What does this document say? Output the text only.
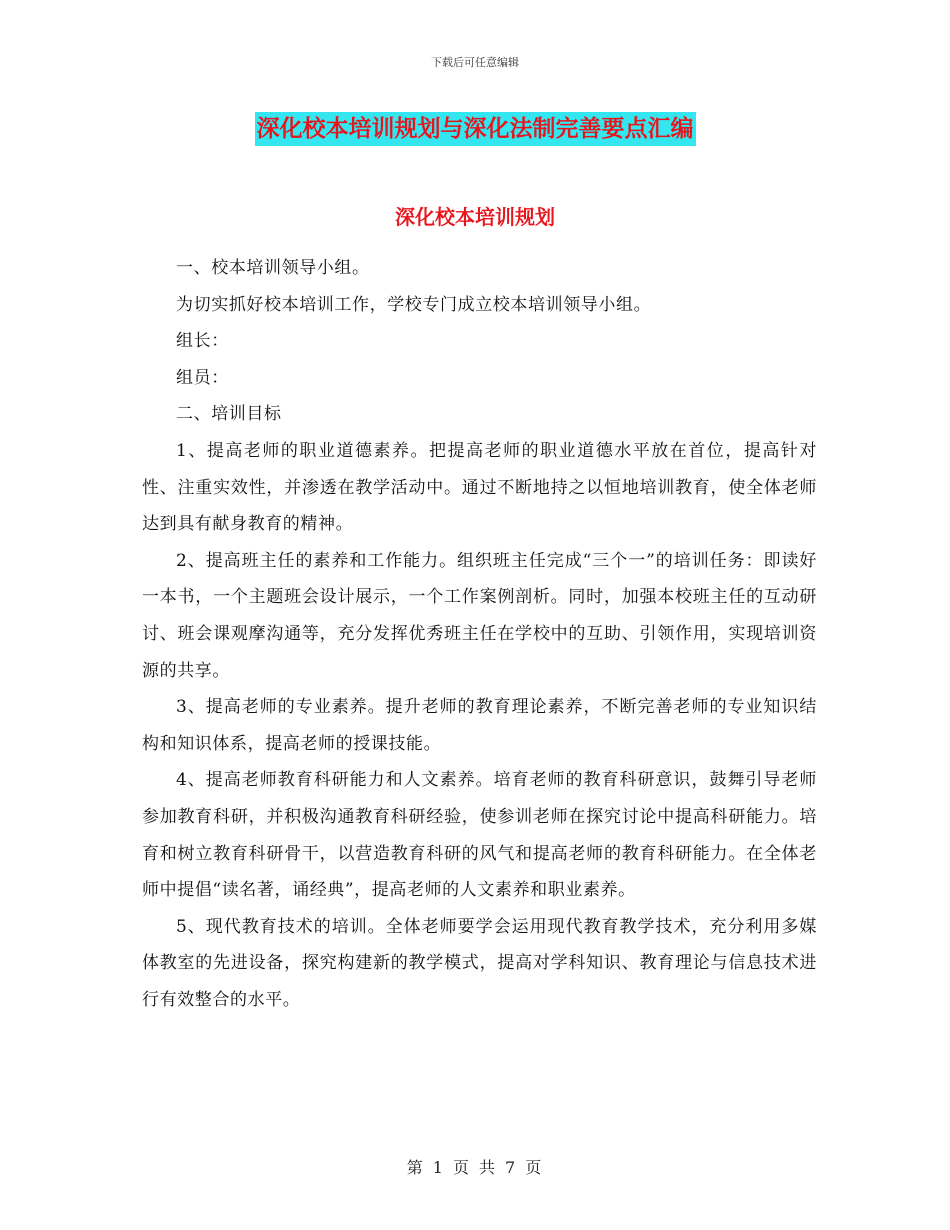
下载后可任意编辑
深化校本培训规划与深化法制完善要点汇编
深化校本培训规划

一、校本培训领导小组。

为切实抓好校本培训工作，学校专门成立校本培训领导小组。

组长：

组员：

二、培训目标

1、提高老师的职业道德素养。把提高老师的职业道德水平放在首位，提高针对性、注重实效性，并渗透在教学活动中。通过不断地持之以恒地培训教育，使全体老师达到具有献身教育的精神。

2、提高班主任的素养和工作能力。组织班主任完成“三个一”的培训任务：即读好一本书，一个主题班会设计展示，一个工作案例剖析。同时，加强本校班主任的互动研讨、班会课观摩沟通等，充分发挥优秀班主任在学校中的互助、引领作用，实现培训资源的共享。

3、提高老师的专业素养。提升老师的教育理论素养，不断完善老师的专业知识结构和知识体系，提高老师的授课技能。

4、提高老师教育科研能力和人文素养。培育老师的教育科研意识，鼓舞引导老师参加教育科研，并积极沟通教育科研经验，使参训老师在探究讨论中提高科研能力。培育和树立教育科研骨干，以营造教育科研的风气和提高老师的教育科研能力。在全体老师中提倡“读名著，诵经典”，提高老师的人文素养和职业素养。

5、现代教育技术的培训。全体老师要学会运用现代教育教学技术，充分利用多媒体教室的先进设备，探究构建新的教学模式，提高对学科知识、教育理论与信息技术进行有效整合的水平。

第 1 页 共 7 页
